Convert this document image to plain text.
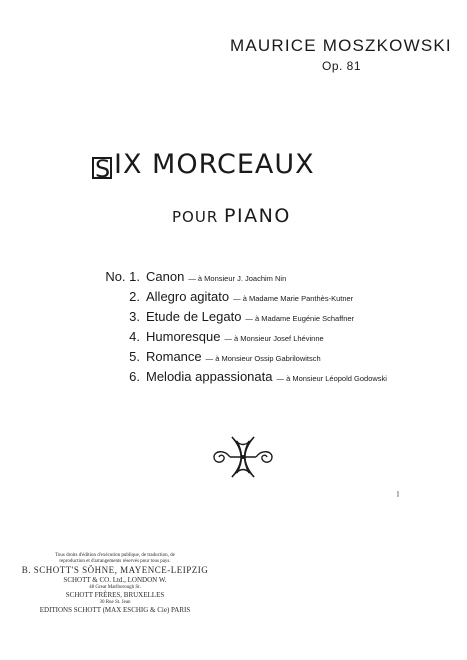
MAURICE MOSZKOWSKI
Op. 81
S IX MORCEAUX
POUR PIANO
No. 1. Canon — à Monsieur J. Joachim Nin
2. Allegro agitato — à Madame Marie Panthès-Kutner
3. Etude de Legato — à Madame Eugénie Schaffner
4. Humoresque — à Monsieur Josef Lhévinne
5. Romance — à Monsieur Ossip Gabrilowitsch
6. Melodia appassionata — à Monsieur Léopold Godowski
Tous droits d'édition d'exécution publique, de traduction, de
reproduction et d'arrangements réservés pour tous pays.
B. SCHOTT'S SÖHNE, MAYENCE-LEIPZIG
SCHOTT & CO. Ltd., LONDON W.
48 Great Marlborough St.
SCHOTT FRÈRES, BRUXELLES
30 Rue St. Jean
EDITIONS SCHOTT (MAX ESCHIG & Cie) PARIS
